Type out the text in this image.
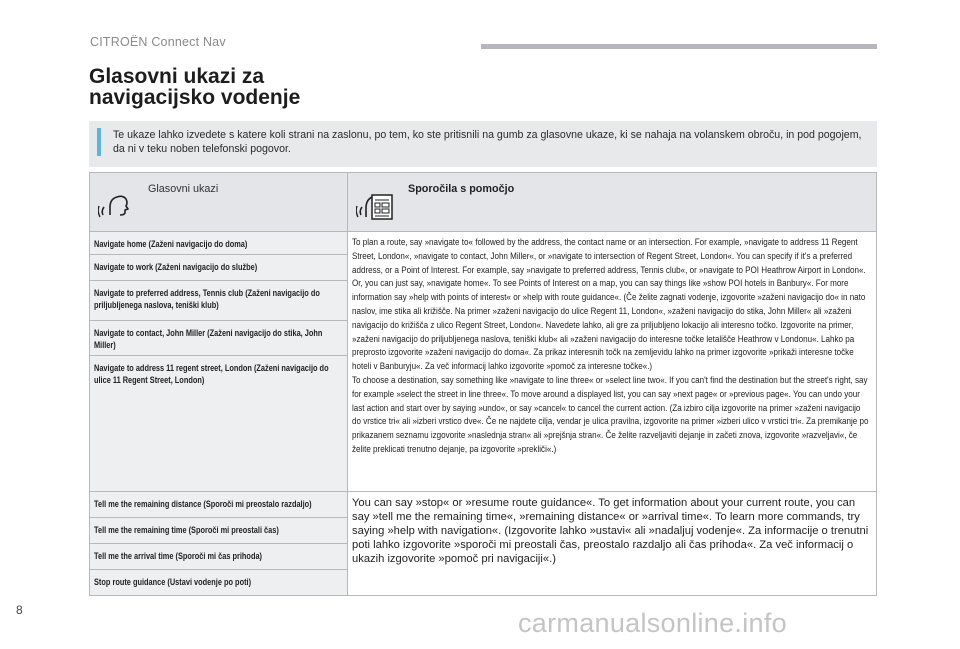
CITROËN Connect Nav
Glasovni ukazi za
navigacijsko vodenje
Te ukaze lahko izvedete s katere koli strani na zaslonu, po tem, ko ste pritisnili na gumb za glasovne ukaze, ki se nahaja na volanskem obroču, in pod pogojem, da ni v teku noben telefonski pogovor.
Glasovni ukazi	Sporočila s pomočjo

Navigate home (Zaženi navigacijo do doma)	To plan a route, say »navigate to« followed by the address, the contact name or an intersection. For example, »navigate to address 11 Regent Street, London«, »navigate to contact, John Miller«, or »navigate to intersection of Regent Street, London«. You can specify if it's a preferred address, or a Point of Interest. For example, say »navigate to preferred address, Tennis club«, or »navigate to POI Heathrow Airport in London«. Or, you can just say, »navigate home«. To see Points of Interest on a map, you can say things like »show POI hotels in Banbury«. For more information say »help with points of interest« or »help with route guidance«. (Če želite zagnati vodenje, izgovorite »zaženi navigacijo do« in nato naslov, ime stika ali križišče. Na primer »zaženi navigacijo do ulice Regent 11, London«, »zaženi navigacijo do stika, John Miller« ali »zaženi navigacijo do križišča z ulico Regent Street, London«. Navedete lahko, ali gre za priljubljeno lokacijo ali interesno točko. Izgovorite na primer, »zaženi navigacijo do priljubljenega naslova, teniški klub« ali »zaženi navigacijo do interesne točke letališče Heathrow v Londonu«. Lahko pa preprosto izgovorite »zaženi navigacijo do doma«. Za prikaz interesnih točk na zemljevidu lahko na primer izgovorite »prikaži interesne točke hoteli v Banburyju«. Za več informacij lahko izgovorite »pomoč za interesne točke«.)
To choose a destination, say something like »navigate to line three« or »select line two«. If you can't find the destination but the street's right, say for example »select the street in line three«. To move around a displayed list, you can say »next page« or »previous page«. You can undo your last action and start over by saying »undo«, or say »cancel« to cancel the current action. (Za izbiro cilja izgovorite na primer »zaženi navigacijo do vrstice tri« ali »izberi vrstico dve«. Če ne najdete cilja, vendar je ulica pravilna, izgovorite na primer »izberi ulico v vrstici tri«. Za premikanje po prikazanem seznamu izgovorite »naslednja stran« ali »prejšnja stran«. Če želite razveljaviti dejanje in začeti znova, izgovorite »razveljavi«, če želite preklicati trenutno dejanje, pa izgovorite »prekliči«.)

Navigate to work (Zaženi navigacijo do službe)	

Navigate to preferred address, Tennis club (Zaženi navigacijo do priljubljenega naslova, teniški klub)	

Navigate to contact, John Miller (Zaženi navigacijo do stika, John Miller)	

Navigate to address 11 regent street, London (Zaženi navigacijo do ulice 11 Regent Street, London)	

Tell me the remaining distance (Sporoči mi preostalo razdaljo)	You can say »stop« or »resume route guidance«. To get information about your current route, you can say »tell me the remaining time«, »remaining distance« or »arrival time«. To learn more commands, try saying »help with navigation«. (Izgovorite lahko »ustavi« ali »nadaljuj vodenje«. Za informacije o trenutni poti lahko izgovorite »sporoči mi preostali čas, preostalo razdaljo ali čas prihoda«. Za več informacij o ukazih izgovorite »pomoč pri navigaciji«.)

Tell me the remaining time (Sporoči mi preostali čas)	

Tell me the arrival time (Sporoči mi čas prihoda)	

Stop route guidance (Ustavi vodenje po poti)	
8	carmanualsonline.info
